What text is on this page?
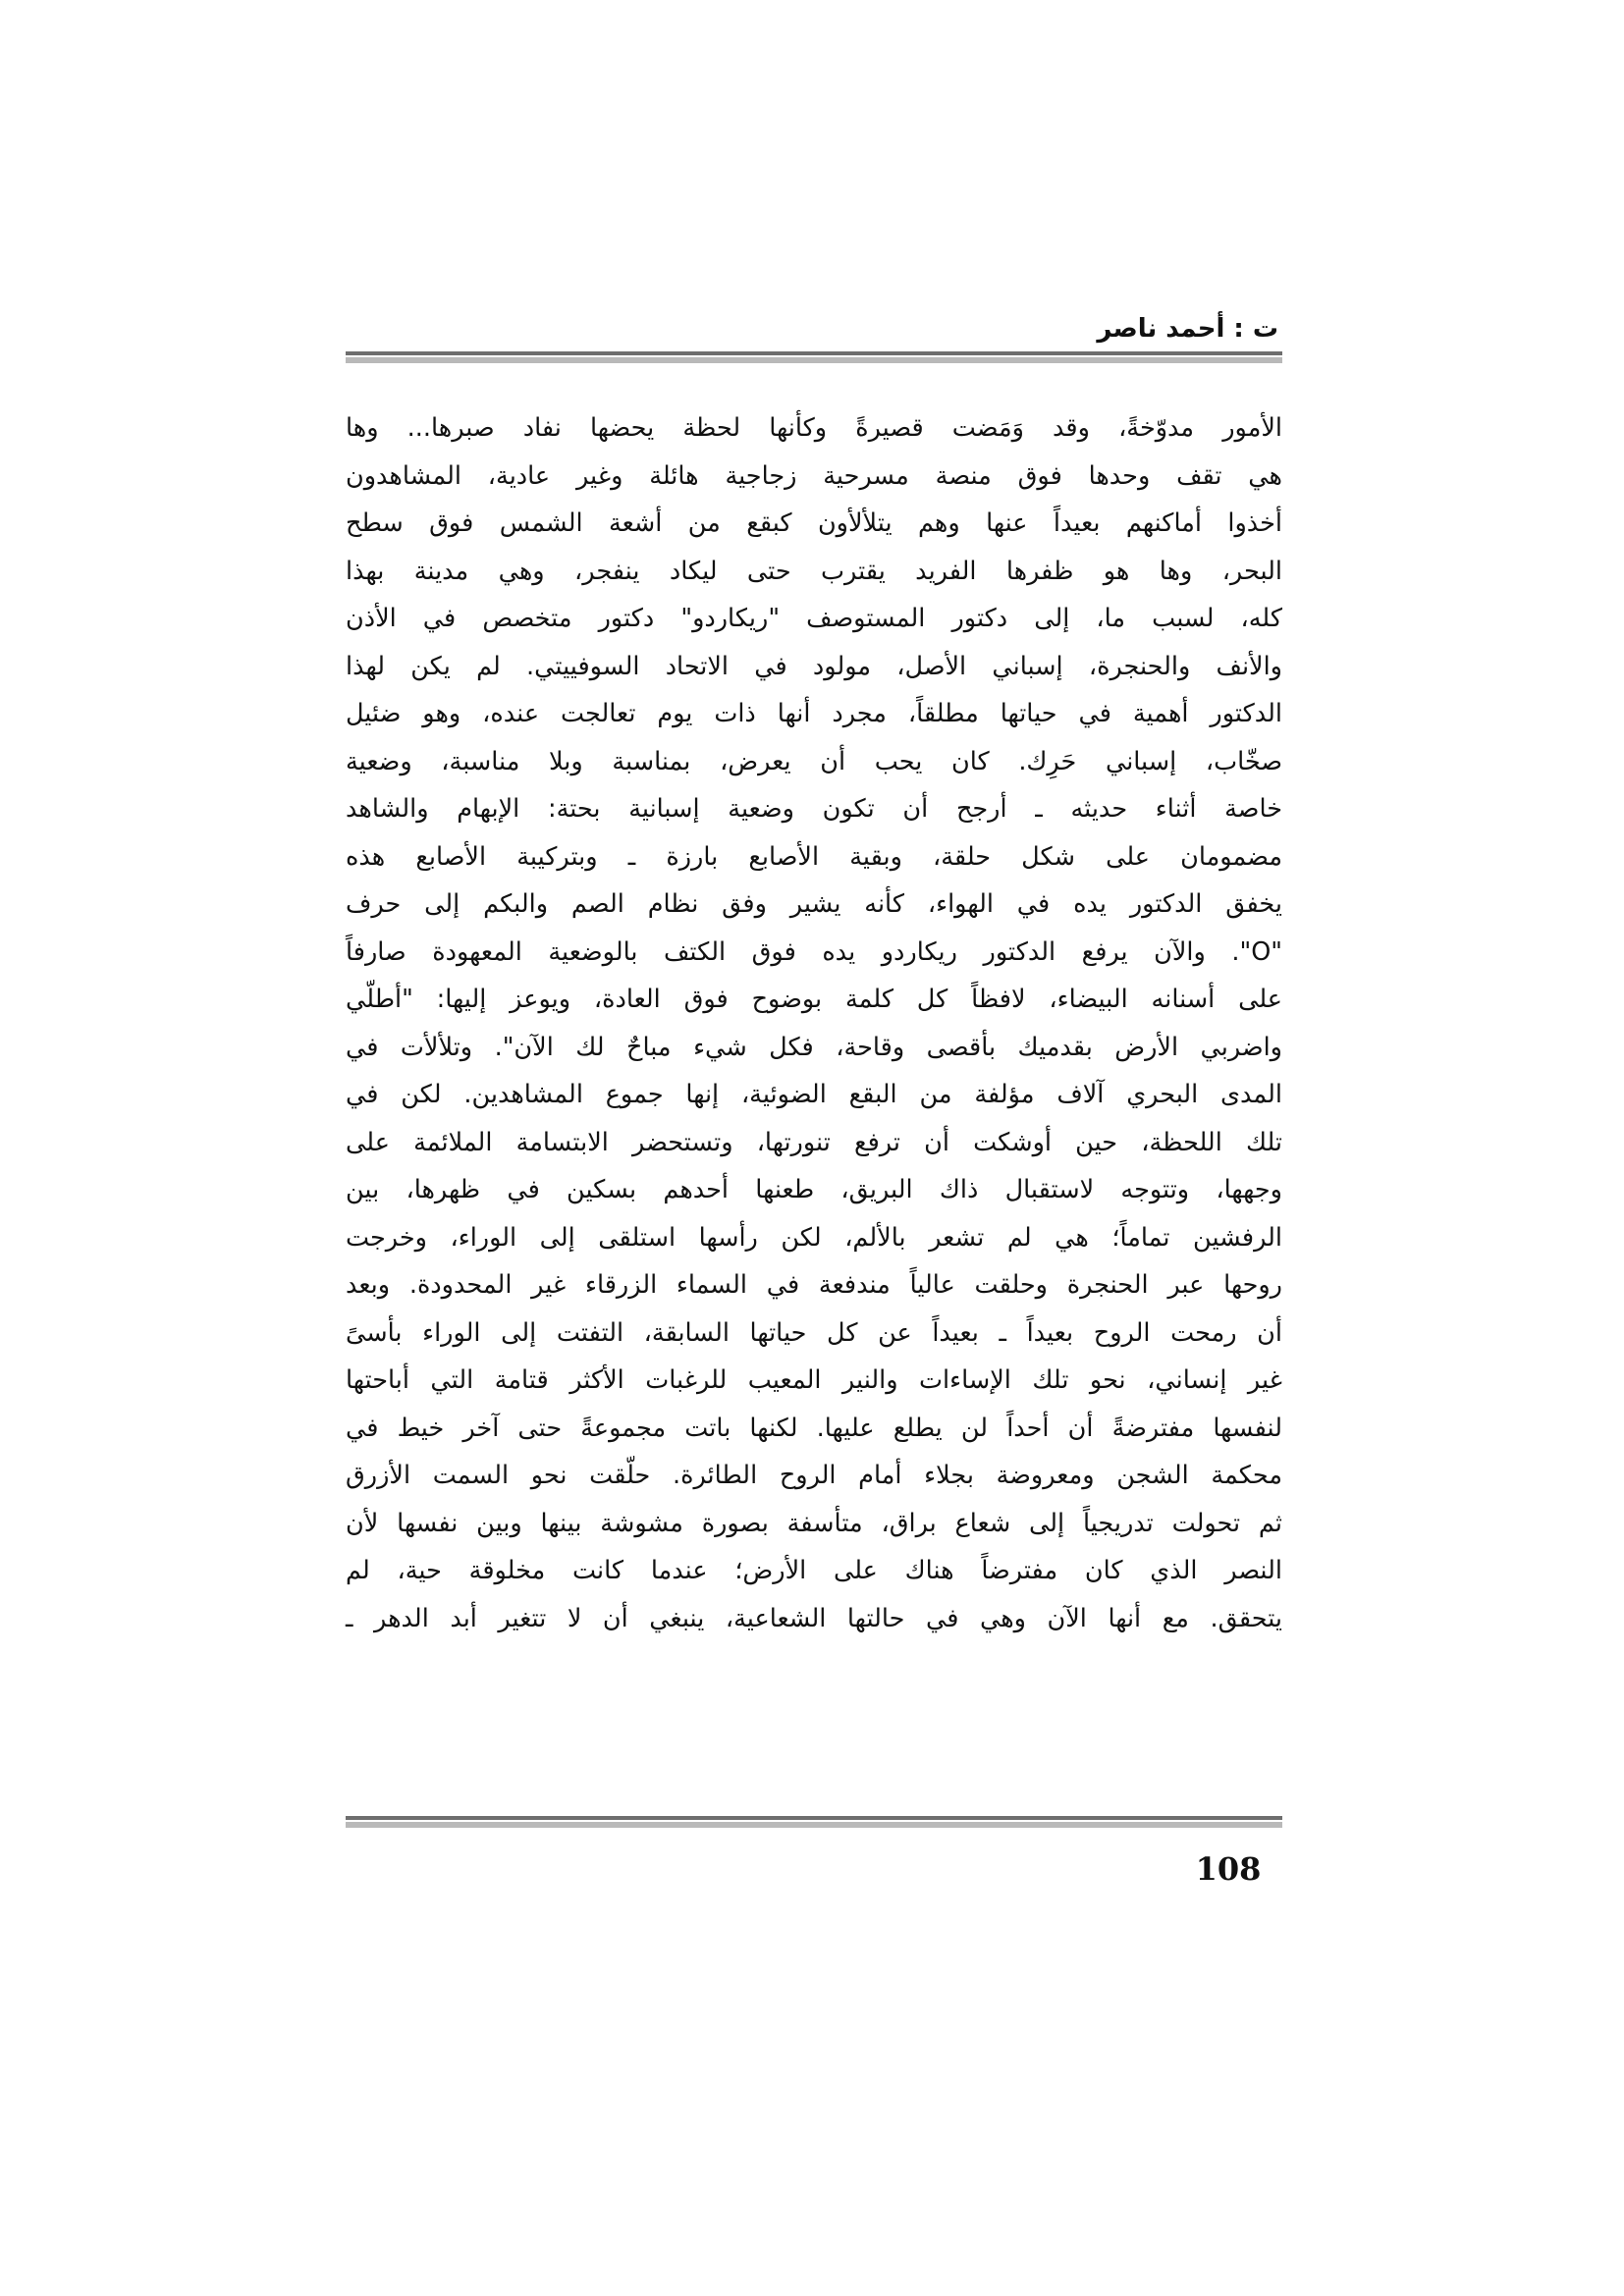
ت : أحمد ناصر
الأمور مدوّخةً، وقد وَمَضت قصيرةً وكأنها لحظة يحضها نفاد صبرها... وها
هي تقف وحدها فوق منصة مسرحية زجاجية هائلة وغير عادية، المشاهدون
أخذوا أماكنهم بعيداً عنها وهم يتلألأون كبقع من أشعة الشمس فوق سطح
البحر، وها هو ظفرها الفريد يقترب حتى ليكاد ينفجر، وهي مدينة بهذا
كله، لسبب ما، إلى دكتور المستوصف "ريكاردو" دكتور متخصص في الأذن
والأنف والحنجرة، إسباني الأصل، مولود في الاتحاد السوفييتي. لم يكن لهذا
الدكتور أهمية في حياتها مطلقاً، مجرد أنها ذات يوم تعالجت عنده، وهو ضئيل
صخّاب، إسباني حَرِك. كان يحب أن يعرض، بمناسبة وبلا مناسبة، وضعية
خاصة أثناء حديثه ـ أرجح أن تكون وضعية إسبانية بحتة: الإبهام والشاهد
مضمومان على شكل حلقة، وبقية الأصابع بارزة ـ وبتركيبة الأصابع هذه
يخفق الدكتور يده في الهواء، كأنه يشير وفق نظام الصم والبكم إلى حرف
"O". والآن يرفع الدكتور ريكاردو يده فوق الكتف بالوضعية المعهودة صارفاً
على أسنانه البيضاء، لافظاً كل كلمة بوضوح فوق العادة، ويوعز إليها: "أطلّي
واضربي الأرض بقدميك بأقصى وقاحة، فكل شيء مباحٌ لك الآن". وتلألأت في
المدى البحري آلاف مؤلفة من البقع الضوئية، إنها جموع المشاهدين. لكن في
تلك اللحظة، حين أوشكت أن ترفع تنورتها، وتستحضر الابتسامة الملائمة على
وجهها، وتتوجه لاستقبال ذاك البريق، طعنها أحدهم بسكين في ظهرها، بين
الرفشين تماماً؛ هي لم تشعر بالألم، لكن رأسها استلقى إلى الوراء، وخرجت
روحها عبر الحنجرة وحلقت عالياً مندفعة في السماء الزرقاء غير المحدودة. وبعد
أن رمحت الروح بعيداً ـ بعيداً عن كل حياتها السابقة، التفتت إلى الوراء بأسىً
غير إنساني، نحو تلك الإساءات والنير المعيب للرغبات الأكثر قتامة التي أباحتها
لنفسها مفترضةً أن أحداً لن يطلع عليها. لكنها باتت مجموعةً حتى آخر خيط في
محكمة الشجن ومعروضة بجلاء أمام الروح الطائرة. حلّقت نحو السمت الأزرق
ثم تحولت تدريجياً إلى شعاع براق، متأسفة بصورة مشوشة بينها وبين نفسها لأن
النصر الذي كان مفترضاً هناك على الأرض؛ عندما كانت مخلوقة حية، لم
يتحقق. مع أنها الآن وهي في حالتها الشعاعية، ينبغي أن لا تتغير أبد الدهر ـ
108
